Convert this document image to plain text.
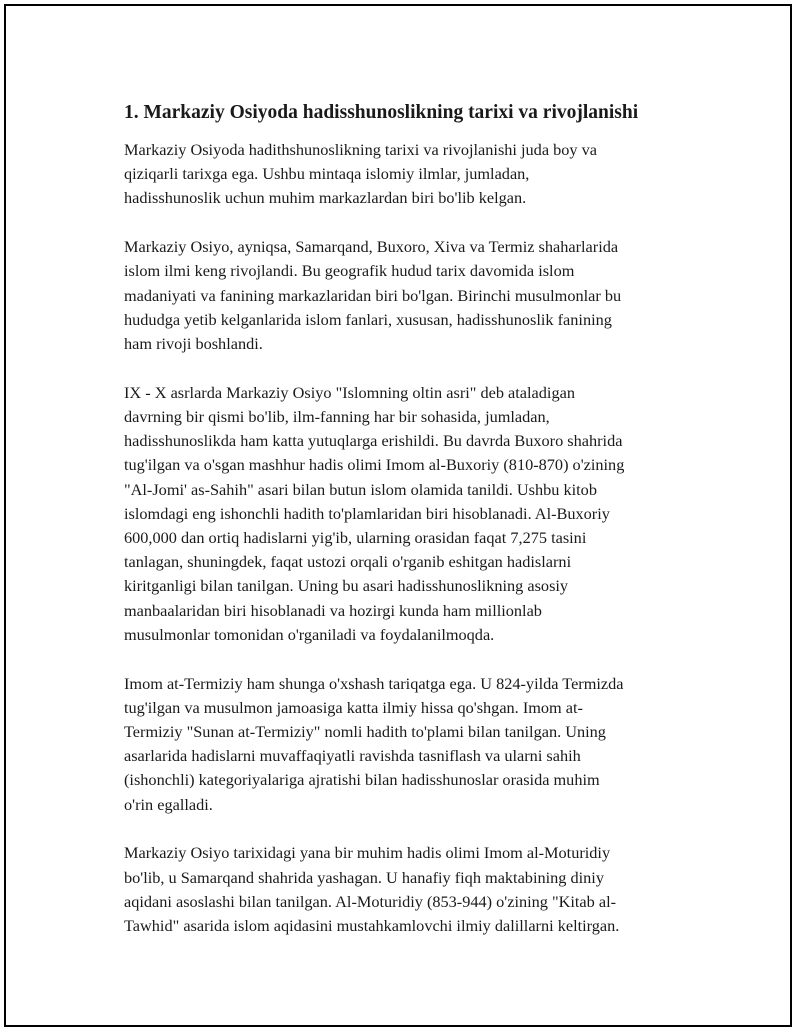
1. Markaziy Osiyoda hadisshunoslikning tarixi va rivojlanishi

Markaziy Osiyoda hadithshunoslikning tarixi va rivojlanishi juda boy va
qiziqarli tarixga ega. Ushbu mintaqa islomiy ilmlar, jumladan,
hadisshunoslik uchun muhim markazlardan biri bo'lib kelgan.

Markaziy Osiyo, ayniqsa, Samarqand, Buxoro, Xiva va Termiz shaharlarida
islom ilmi keng rivojlandi. Bu geografik hudud tarix davomida islom
madaniyati va fanining markazlaridan biri bo'lgan. Birinchi musulmonlar bu
hududga yetib kelganlarida islom fanlari, xususan, hadisshunoslik fanining
ham rivoji boshlandi.

IX - X asrlarda Markaziy Osiyo "Islomning oltin asri" deb ataladigan
davrning bir qismi bo'lib, ilm-fanning har bir sohasida, jumladan,
hadisshunoslikda ham katta yutuqlarga erishildi. Bu davrda Buxoro shahrida
tug'ilgan va o'sgan mashhur hadis olimi Imom al-Buxoriy (810-870) o'zining
"Al-Jomi' as-Sahih" asari bilan butun islom olamida tanildi. Ushbu kitob
islomdagi eng ishonchli hadith to'plamlaridan biri hisoblanadi. Al-Buxoriy
600,000 dan ortiq hadislarni yig'ib, ularning orasidan faqat 7,275 tasini
tanlagan, shuningdek, faqat ustozi orqali o'rganib eshitgan hadislarni
kiritganligi bilan tanilgan. Uning bu asari hadisshunoslikning asosiy
manbaalaridan biri hisoblanadi va hozirgi kunda ham millionlab
musulmonlar tomonidan o'rganiladi va foydalanilmoqda.

Imom at-Termiziy ham shunga o'xshash tariqatga ega. U 824-yilda Termizda
tug'ilgan va musulmon jamoasiga katta ilmiy hissa qo'shgan. Imom at-
Termiziy "Sunan at-Termiziy" nomli hadith to'plami bilan tanilgan. Uning
asarlarida hadislarni muvaffaqiyatli ravishda tasniflash va ularni sahih
(ishonchli) kategoriyalariga ajratishi bilan hadisshunoslar orasida muhim
o'rin egalladi.

Markaziy Osiyo tarixidagi yana bir muhim hadis olimi Imom al-Moturidiy
bo'lib, u Samarqand shahrida yashagan. U hanafiy fiqh maktabining diniy
aqidani asoslashi bilan tanilgan. Al-Moturidiy (853-944) o'zining "Kitab al-
Tawhid" asarida islom aqidasini mustahkamlovchi ilmiy dalillarni keltirgan.
